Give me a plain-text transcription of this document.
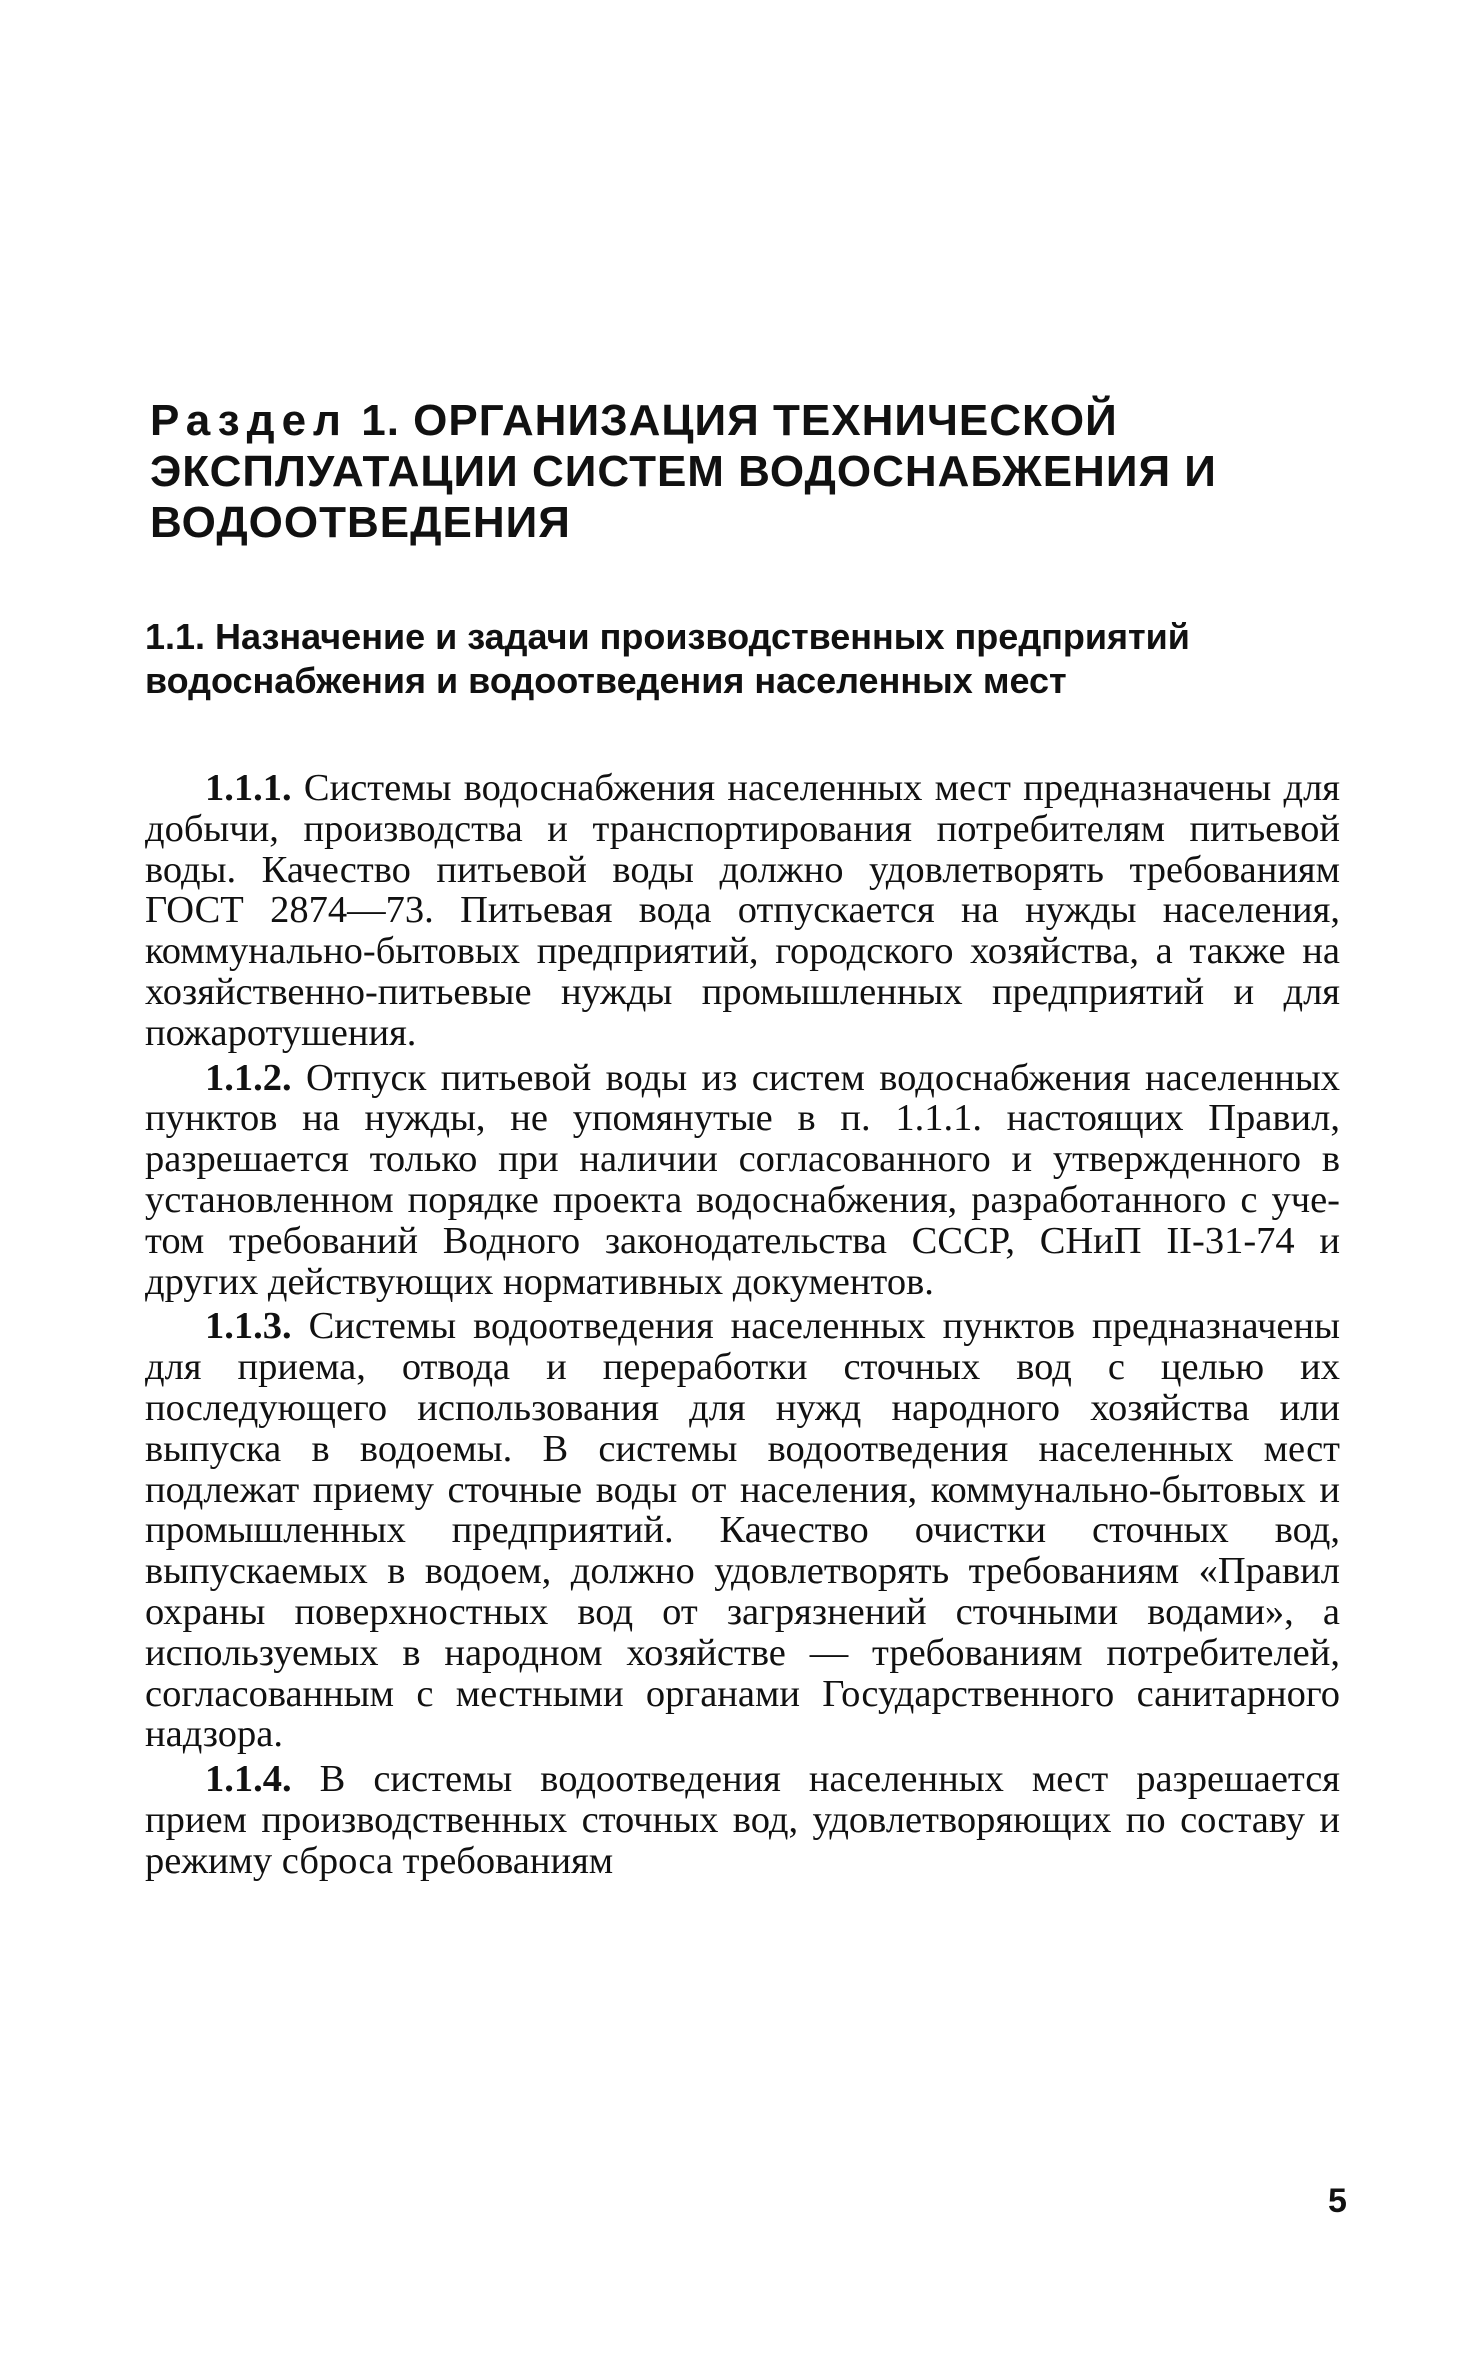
Раздел 1. ОРГАНИЗАЦИЯ ТЕХНИЧЕСКОЙ ЭКСПЛУАТАЦИИ СИСТЕМ ВОДОСНАБЖЕНИЯ И ВОДООТВЕДЕНИЯ
1.1. Назначение и задачи производственных предприятий водоснабжения и водоотведения населенных мест

1.1.1. Системы водоснабжения населенных мест предназначены для добычи, производства и транспортирования потребителям питьевой воды. Качество питьевой воды должно удовлетворять требованиям ГОСТ 2874—73. Питьевая вода отпускается на нужды населения, коммунально-бытовых предприятий, городского хозяйства, а также на хозяйственно-питьевые нужды промышленных предприятий и для пожаротушения.

1.1.2. Отпуск питьевой воды из систем водоснабжения населенных пунктов на нужды, не упомянутые в п. 1.1.1. настоящих Правил, разрешается только при наличии согласованного и утвержденного в установленном порядке проекта водоснабжения, разработанного с учетом требований Водного законодательства СССР, СНиП II-31-74 и других действующих нормативных документов.

1.1.3. Системы водоотведения населенных пунктов предназначены для приема, отвода и переработки сточных вод с целью их последующего использования для нужд народного хозяйства или выпуска в водоемы. В системы водоотведения населенных мест подлежат приему сточные воды от населения, коммунально-бытовых и промышленных предприятий. Качество очистки сточных вод, выпускаемых в водоем, должно удовлетворять требованиям «Правил охраны поверхностных вод от загрязнений сточными водами», а используемых в народном хозяйстве — требованиям потребителей, согласованным с местными органами Государственного санитарного надзора.

1.1.4. В системы водоотведения населенных мест разрешается прием производственных сточных вод, удовлетворяющих по составу и режиму сброса требованиям

5
